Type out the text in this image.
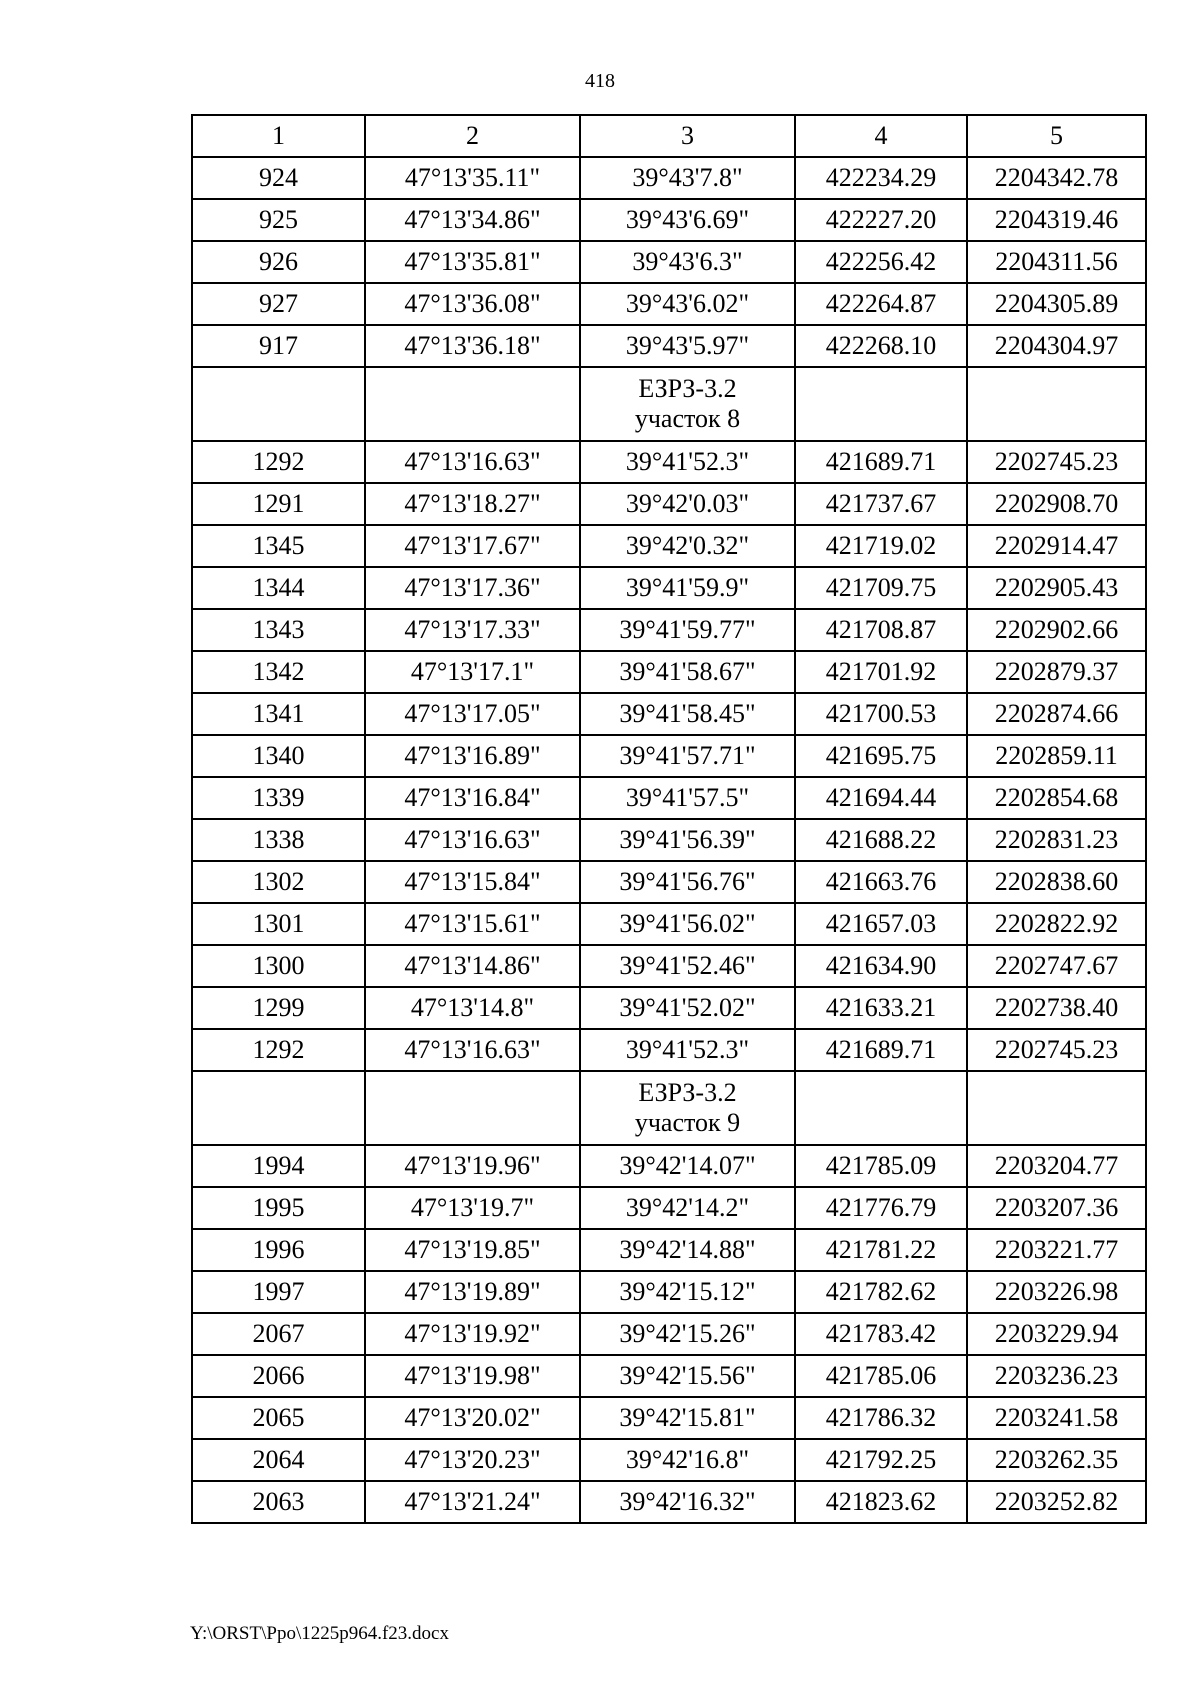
418
1	2	3	4	5
924	47°13'35.11"	39°43'7.8"	422234.29	2204342.78
925	47°13'34.86"	39°43'6.69"	422227.20	2204319.46
926	47°13'35.81"	39°43'6.3"	422256.42	2204311.56
927	47°13'36.08"	39°43'6.02"	422264.87	2204305.89
917	47°13'36.18"	39°43'5.97"	422268.10	2204304.97

		ЕЗРЗ-3.2
участок 8		

1292	47°13'16.63"	39°41'52.3"	421689.71	2202745.23
1291	47°13'18.27"	39°42'0.03"	421737.67	2202908.70
1345	47°13'17.67"	39°42'0.32"	421719.02	2202914.47
1344	47°13'17.36"	39°41'59.9"	421709.75	2202905.43
1343	47°13'17.33"	39°41'59.77"	421708.87	2202902.66
1342	47°13'17.1"	39°41'58.67"	421701.92	2202879.37
1341	47°13'17.05"	39°41'58.45"	421700.53	2202874.66
1340	47°13'16.89"	39°41'57.71"	421695.75	2202859.11
1339	47°13'16.84"	39°41'57.5"	421694.44	2202854.68
1338	47°13'16.63"	39°41'56.39"	421688.22	2202831.23
1302	47°13'15.84"	39°41'56.76"	421663.76	2202838.60
1301	47°13'15.61"	39°41'56.02"	421657.03	2202822.92
1300	47°13'14.86"	39°41'52.46"	421634.90	2202747.67
1299	47°13'14.8"	39°41'52.02"	421633.21	2202738.40
1292	47°13'16.63"	39°41'52.3"	421689.71	2202745.23

		ЕЗРЗ-3.2
участок 9		

1994	47°13'19.96"	39°42'14.07"	421785.09	2203204.77
1995	47°13'19.7"	39°42'14.2"	421776.79	2203207.36
1996	47°13'19.85"	39°42'14.88"	421781.22	2203221.77
1997	47°13'19.89"	39°42'15.12"	421782.62	2203226.98
2067	47°13'19.92"	39°42'15.26"	421783.42	2203229.94
2066	47°13'19.98"	39°42'15.56"	421785.06	2203236.23
2065	47°13'20.02"	39°42'15.81"	421786.32	2203241.58
2064	47°13'20.23"	39°42'16.8"	421792.25	2203262.35
2063	47°13'21.24"	39°42'16.32"	421823.62	2203252.82
Y:\ORST\Ppo\1225p964.f23.docx
